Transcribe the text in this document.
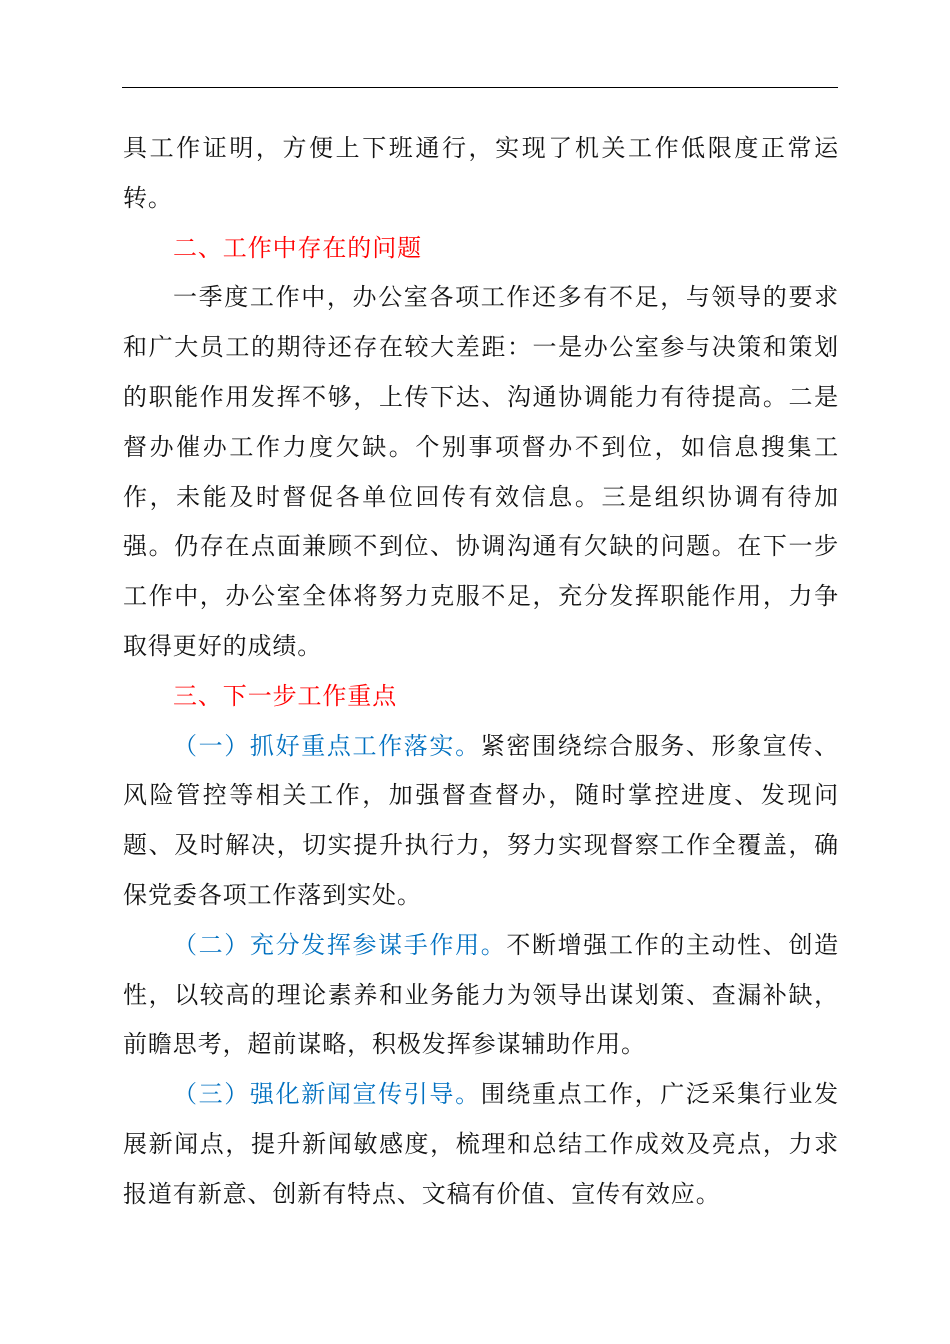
具工作证明，方便上下班通行，实现了机关工作低限度正常运转。

二、工作中存在的问题

一季度工作中，办公室各项工作还多有不足，与领导的要求和广大员工的期待还存在较大差距：一是办公室参与决策和策划的职能作用发挥不够，上传下达、沟通协调能力有待提高。二是督办催办工作力度欠缺。个别事项督办不到位，如信息搜集工作，未能及时督促各单位回传有效信息。三是组织协调有待加强。仍存在点面兼顾不到位、协调沟通有欠缺的问题。在下一步工作中，办公室全体将努力克服不足，充分发挥职能作用，力争取得更好的成绩。

三、下一步工作重点

（一）抓好重点工作落实。紧密围绕综合服务、形象宣传、风险管控等相关工作，加强督查督办，随时掌控进度、发现问题、及时解决，切实提升执行力，努力实现督察工作全覆盖，确保党委各项工作落到实处。

（二）充分发挥参谋手作用。不断增强工作的主动性、创造性，以较高的理论素养和业务能力为领导出谋划策、查漏补缺，前瞻思考，超前谋略，积极发挥参谋辅助作用。

（三）强化新闻宣传引导。围绕重点工作，广泛采集行业发展新闻点，提升新闻敏感度，梳理和总结工作成效及亮点，力求报道有新意、创新有特点、文稿有价值、宣传有效应。
